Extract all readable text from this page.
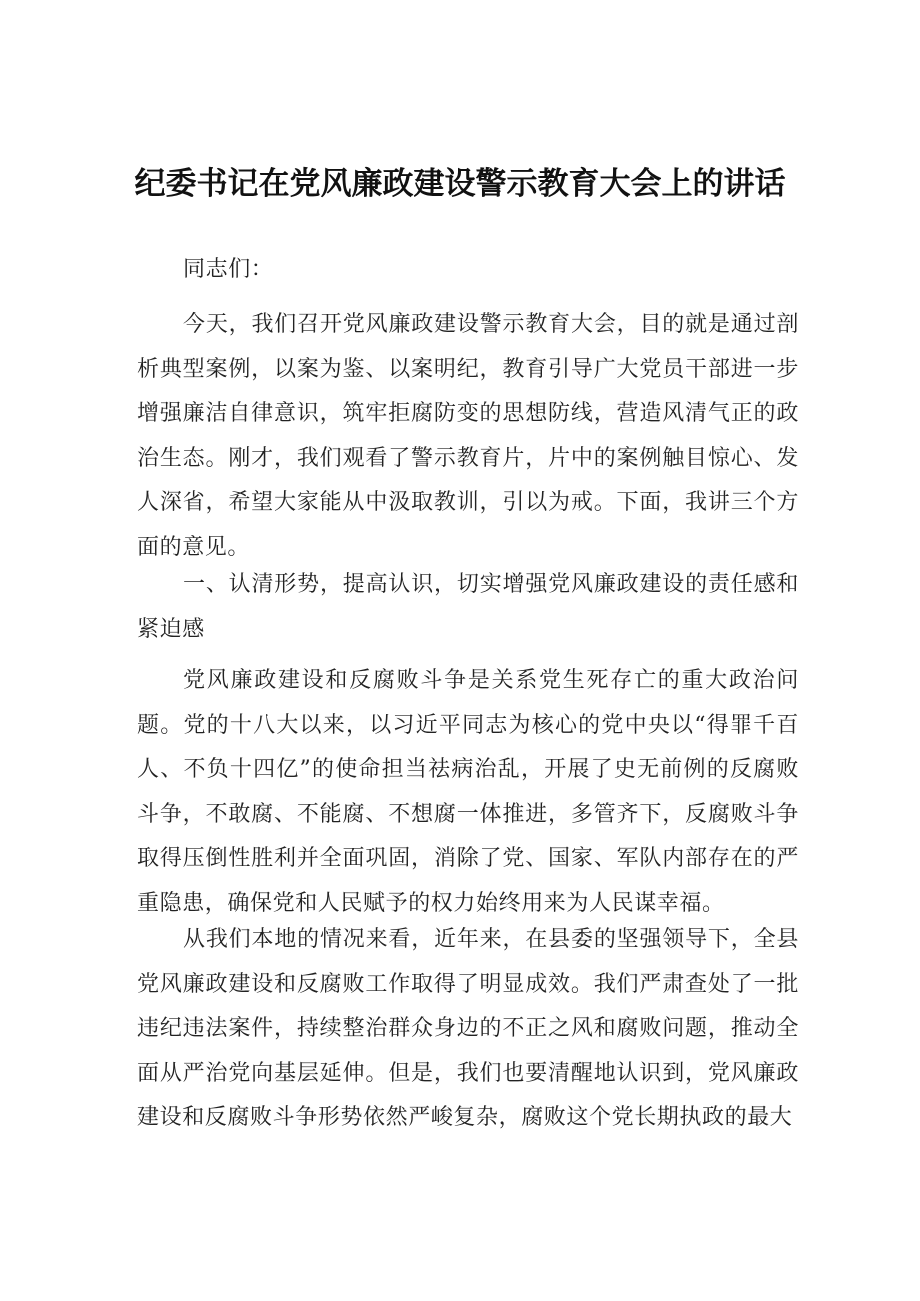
纪委书记在党风廉政建设警示教育大会上的讲话

同志们：

今天，我们召开党风廉政建设警示教育大会，目的就是通过剖析典型案例，以案为鉴、以案明纪，教育引导广大党员干部进一步增强廉洁自律意识，筑牢拒腐防变的思想防线，营造风清气正的政治生态。刚才，我们观看了警示教育片，片中的案例触目惊心、发人深省，希望大家能从中汲取教训，引以为戒。下面，我讲三个方面的意见。

一、认清形势，提高认识，切实增强党风廉政建设的责任感和紧迫感

党风廉政建设和反腐败斗争是关系党生死存亡的重大政治问题。党的十八大以来，以习近平同志为核心的党中央以“得罪千百人、不负十四亿”的使命担当祛病治乱，开展了史无前例的反腐败斗争，不敢腐、不能腐、不想腐一体推进，多管齐下，反腐败斗争取得压倒性胜利并全面巩固，消除了党、国家、军队内部存在的严重隐患，确保党和人民赋予的权力始终用来为人民谋幸福。

从我们本地的情况来看，近年来，在县委的坚强领导下，全县党风廉政建设和反腐败工作取得了明显成效。我们严肃查处了一批违纪违法案件，持续整治群众身边的不正之风和腐败问题，推动全面从严治党向基层延伸。但是，我们也要清醒地认识到，党风廉政建设和反腐败斗争形势依然严峻复杂，腐败这个党长期执政的最大
